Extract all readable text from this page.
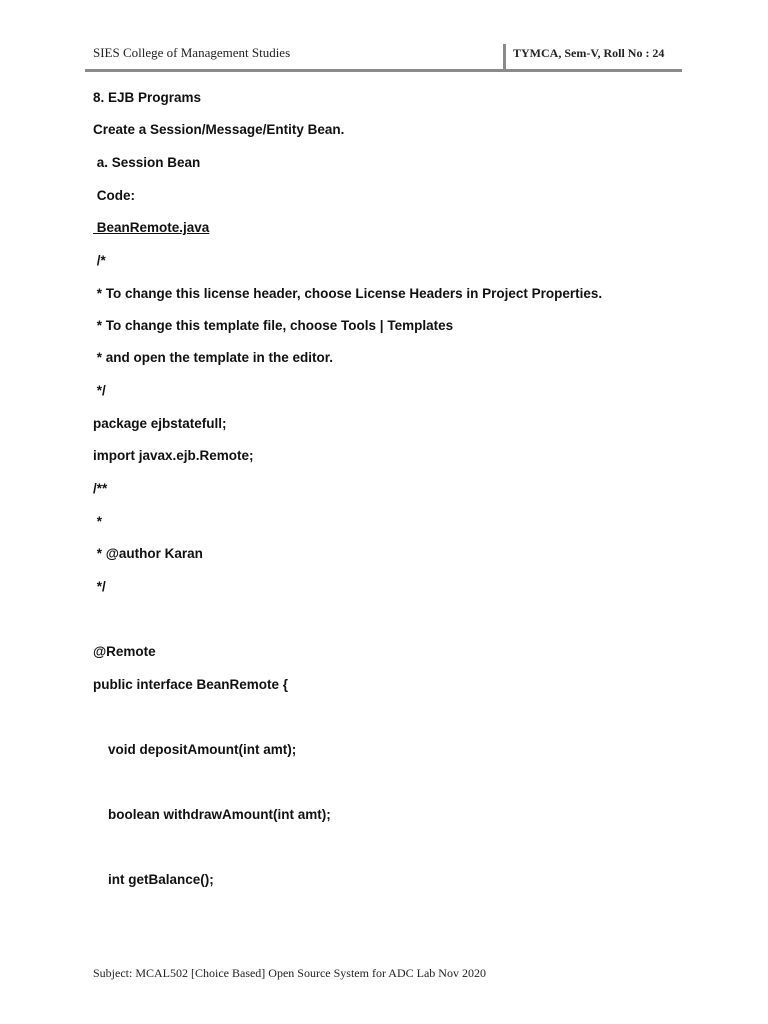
SIES College of Management Studies	TYMCA, Sem-V, Roll No : 24
8. EJB Programs
Create a Session/Message/Entity Bean.
a. Session Bean
Code:
BeanRemote.java
/*
* To change this license header, choose License Headers in Project Properties.
* To change this template file, choose Tools | Templates
* and open the template in the editor.
*/
package ejbstatefull;
import javax.ejb.Remote;
/**
*
* @author Karan
*/
@Remote
public interface BeanRemote {
void depositAmount(int amt);
boolean withdrawAmount(int amt);
int getBalance();
Subject: MCAL502 [Choice Based] Open Source System for ADC Lab Nov 2020
